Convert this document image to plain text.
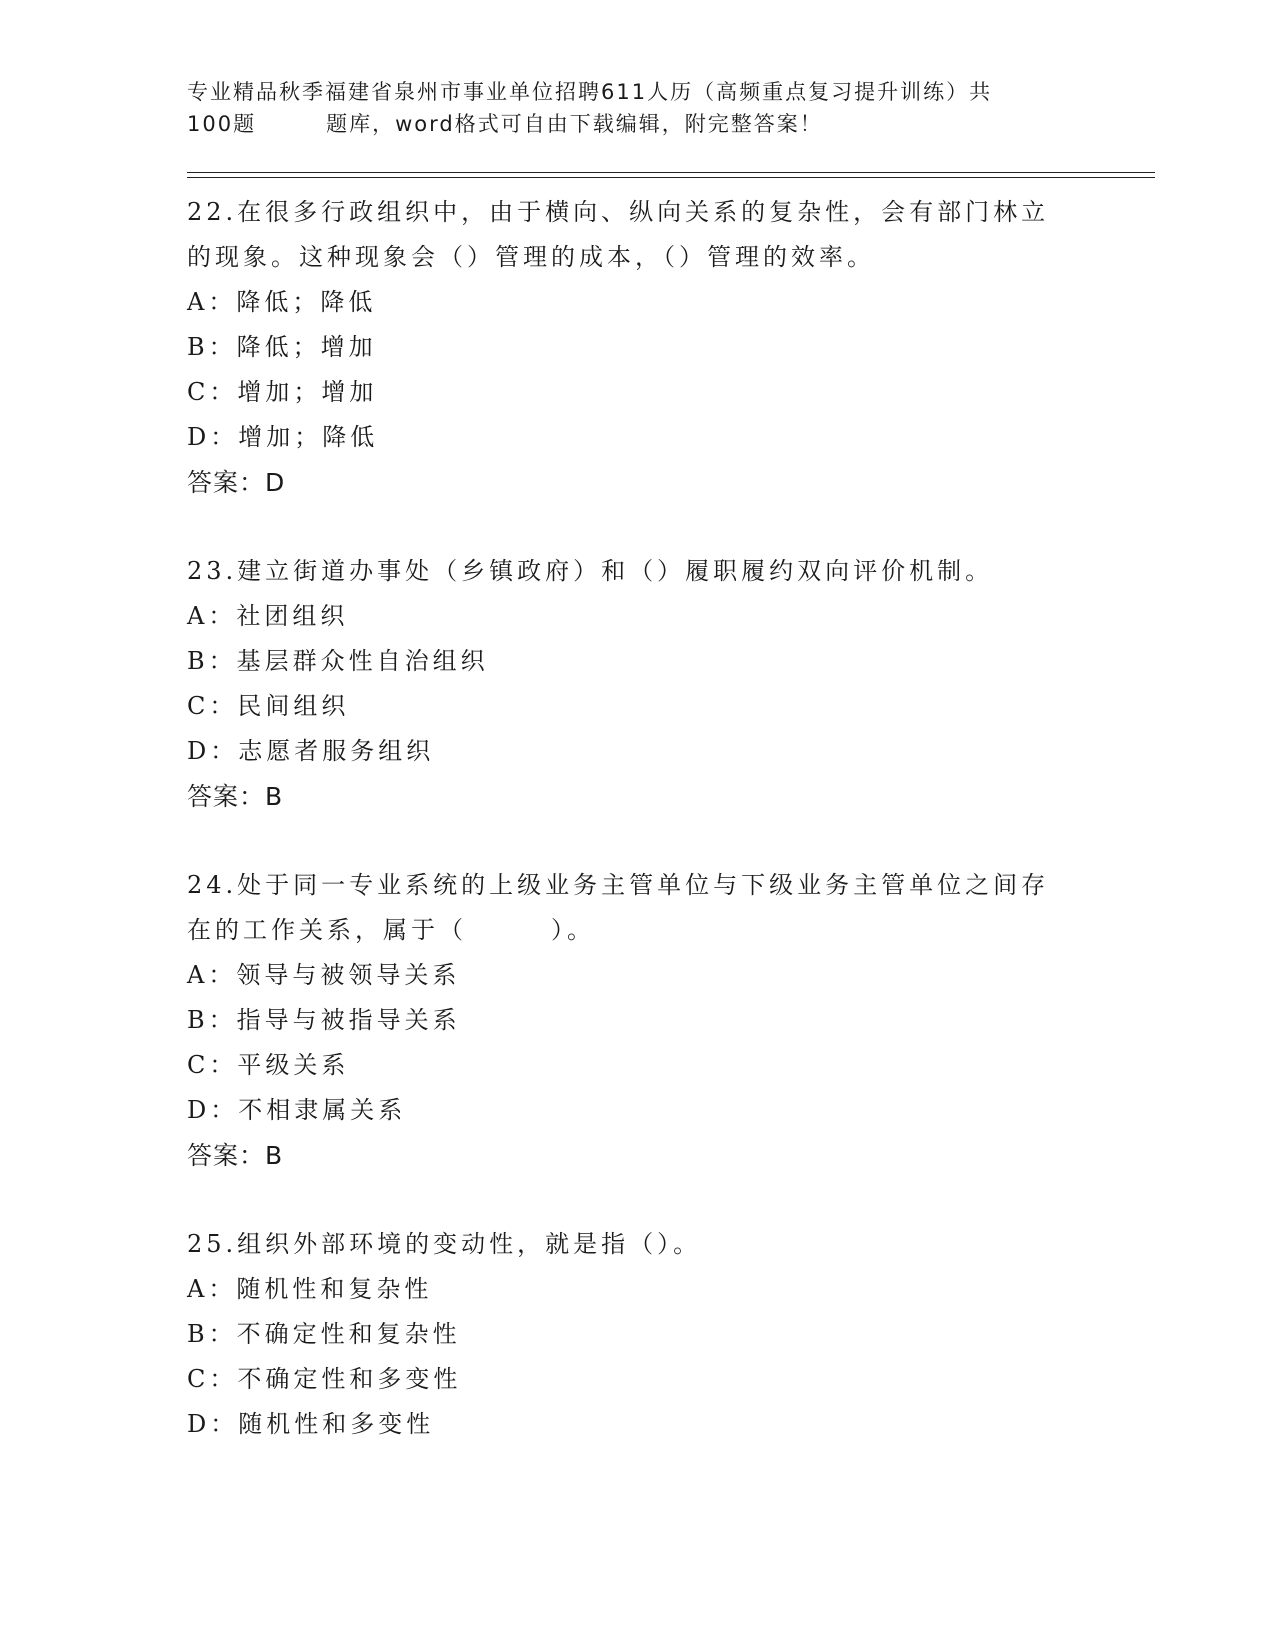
专业精品秋季福建省泉州市事业单位招聘611人历（高频重点复习提升训练）共
100题	题库，word格式可自由下载编辑，附完整答案！
22.在很多行政组织中，由于横向、纵向关系的复杂性，会有部门林立
的现象。这种现象会（）管理的成本，（）管理的效率。
A：降低；降低
B：降低；增加
C：增加；增加
D：增加；降低
答案：D
23.建立街道办事处（乡镇政府）和（）履职履约双向评价机制。
A：社团组织
B：基层群众性自治组织
C：民间组织
D：志愿者服务组织
答案：B
24.处于同一专业系统的上级业务主管单位与下级业务主管单位之间存
在的工作关系，属于（	）。
A：领导与被领导关系
B：指导与被指导关系
C：平级关系
D：不相隶属关系
答案：B
25.组织外部环境的变动性，就是指（）。
A：随机性和复杂性
B：不确定性和复杂性
C：不确定性和多变性
D：随机性和多变性
